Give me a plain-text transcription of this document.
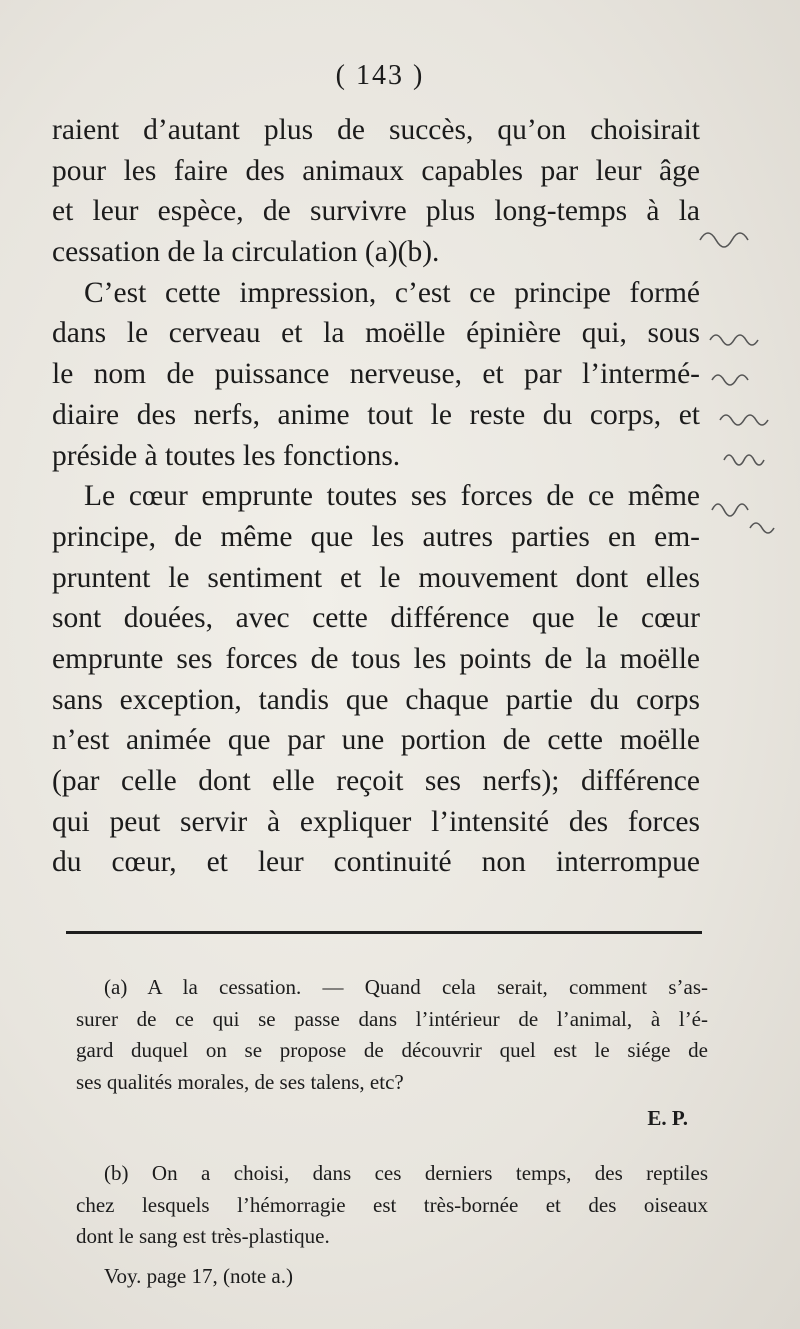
( 143 )
raient d’autant plus de succès, qu’on choisirait
pour les faire des animaux capables par leur âge
et leur espèce, de survivre plus long-temps à la
cessation de la circulation (a)(b).
C’est cette impression, c’est ce principe formé
dans le cerveau et la moëlle épinière qui, sous
le nom de puissance nerveuse, et par l’intermé-
diaire des nerfs, anime tout le reste du corps, et
préside à toutes les fonctions.
Le cœur emprunte toutes ses forces de ce même
principe, de même que les autres parties en em-
pruntent le sentiment et le mouvement dont elles
sont douées, avec cette différence que le cœur
emprunte ses forces de tous les points de la moëlle
sans exception, tandis que chaque partie du corps
n’est animée que par une portion de cette moëlle
(par celle dont elle reçoit ses nerfs); différence
qui peut servir à expliquer l’intensité des forces
du cœur, et leur continuité non interrompue
(a) A la cessation. — Quand cela serait, comment s’as-
surer de ce qui se passe dans l’intérieur de l’animal, à l’é-
gard duquel on se propose de découvrir quel est le siége de
ses qualités morales, de ses talens, etc?
E. P.
(b) On a choisi, dans ces derniers temps, des reptiles
chez lesquels l’hémorragie est très-bornée et des oiseaux
dont le sang est très-plastique.
Voy. page 17, (note a.)
